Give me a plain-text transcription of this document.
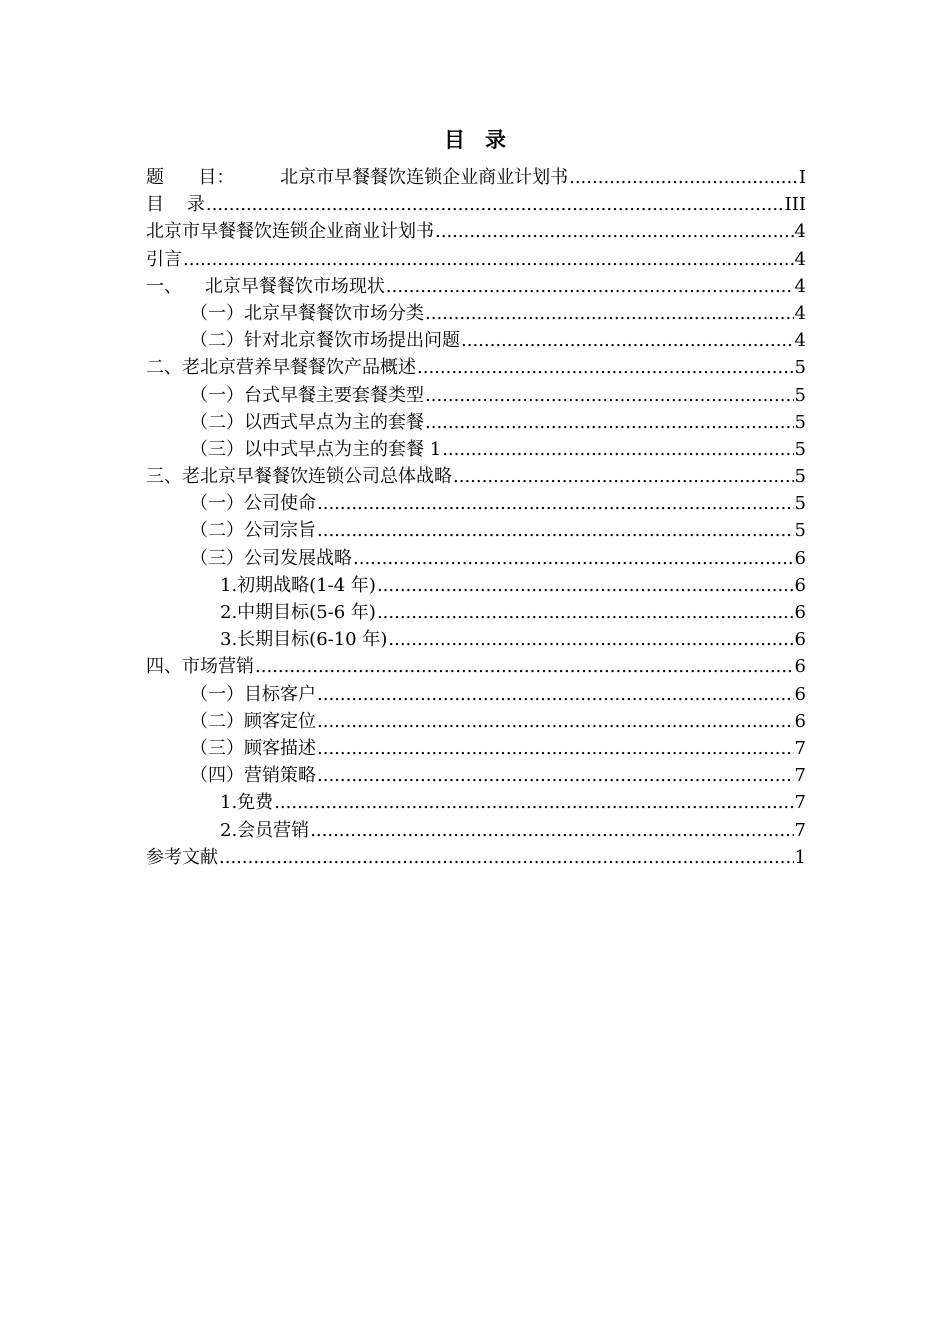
目 录
题      目：        北京市早餐餐饮连锁企业商业计划书 .....	I
目    录 .....	III
北京市早餐餐饮连锁企业商业计划书 .....	4
引言 .....	4
一、    北京早餐餐饮市场现状 .....	4
（一）北京早餐餐饮市场分类 .....	4
（二）针对北京餐饮市场提出问题 .....	4
二、老北京营养早餐餐饮产品概述 .....	5
（一）台式早餐主要套餐类型 .....	5
（二）以西式早点为主的套餐 .....	5
（三）以中式早点为主的套餐 1 .....	5
三、老北京早餐餐饮连锁公司总体战略 .....	5
（一）公司使命 .....	5
（二）公司宗旨 .....	5
（三）公司发展战略 .....	6
1.初期战略(1-4 年) .....	6
2.中期目标(5-6 年) .....	6
3.长期目标(6-10 年) .....	6
四、市场营销 .....	6
（一）目标客户 .....	6
（二）顾客定位 .....	6
（三）顾客描述 .....	7
（四）营销策略 .....	7
1.免费 .....	7
2.会员营销 .....	7
参考文献 .....	1
